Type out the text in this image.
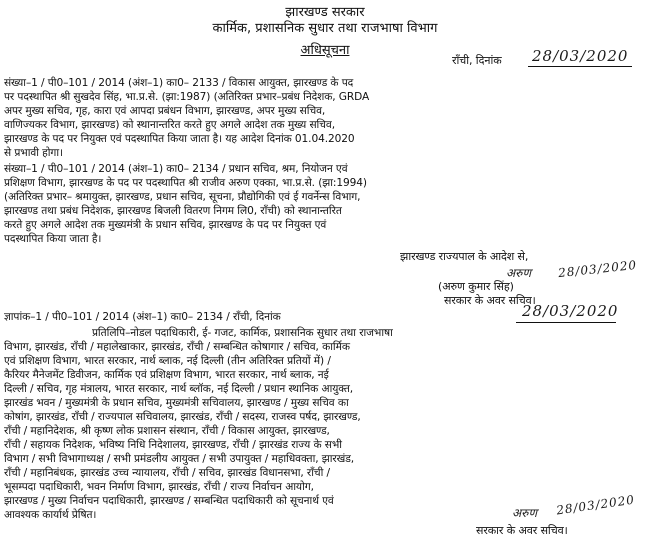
झारखण्ड सरकार
कार्मिक, प्रशासनिक सुधार तथा राजभाषा विभाग
अधिसूचना
राँची, दिनांक 28/03/2020
संख्या–1 / पी0–101 / 2014 (अंश–1) का0– 2133 / विकास आयुक्त, झारखण्ड के पद
पर पदस्थापित श्री सुखदेव सिंह, भा.प्र.से. (झा:1987) (अतिरिक्त प्रभार–प्रबंध निदेशक, GRDA
अपर मुख्य सचिव, गृह, कारा एवं आपदा प्रबंधन विभाग, झारखण्ड, अपर मुख्य सचिव,
वाणिज्यकर विभाग, झारखण्ड) को स्थानान्तरित करते हुए अगले आदेश तक मुख्य सचिव,
झारखण्ड के पद पर नियुक्त एवं पदस्थापित किया जाता है। यह आदेश दिनांक 01.04.2020
से प्रभावी होगा।
संख्या–1 / पी0–101 / 2014 (अंश–1) का0– 2134 / प्रधान सचिव, श्रम, नियोजन एवं
प्रशिक्षण विभाग, झारखण्ड के पद पर पदस्थापित श्री राजीव अरुण एक्का, भा.प्र.से. (झा:1994)
(अतिरिक्त प्रभार– श्रमायुक्त, झारखण्ड, प्रधान सचिव, सूचना, प्रौद्योगिकी एवं ई गवर्नेन्स विभाग,
झारखण्ड तथा प्रबंध निदेशक, झारखण्ड बिजली वितरण निगम लि0, राँची) को स्थानान्तरित
करते हुए अगले आदेश तक मुख्यमंत्री के प्रधान सचिव, झारखण्ड के पद पर नियुक्त एवं
पदस्थापित किया जाता है।
झारखण्ड राज्यपाल के आदेश से,
अरुण 28/03/2020
(अरुण कुमार सिंह)
सरकार के अवर सचिव।
ज्ञापांक–1 / पी0–101 / 2014 (अंश–1) का0– 2134 / राँची, दिनांक	28/03/2020
प्रतिलिपि–नोडल पदाधिकारी, ई- गजट, कार्मिक, प्रशासनिक सुधार तथा राजभाषा
विभाग, झारखंड, राँची / महालेखाकार, झारखंड, राँची / सम्बन्धित कोषागार / सचिव, कार्मिक
एवं प्रशिक्षण विभाग, भारत सरकार, नार्थ ब्लाक, नई दिल्ली (तीन अतिरिक्त प्रतियों में) /
कैरियर मैनेजमेंट डिवीजन, कार्मिक एवं प्रशिक्षण विभाग, भारत सरकार, नार्थ ब्लाक, नई
दिल्ली / सचिव, गृह मंत्रालय, भारत सरकार, नार्थ ब्लॉक, नई दिल्ली / प्रधान स्थानिक आयुक्त,
झारखंड भवन / मुख्यमंत्री के प्रधान सचिव, मुख्यमंत्री सचिवालय, झारखण्ड / मुख्य सचिव का
कोषांग, झारखंड, राँची / राज्यपाल सचिवालय, झारखंड, राँची / सदस्य, राजस्व पर्षद, झारखण्ड,
राँची / महानिदेशक, श्री कृष्ण लोक प्रशासन संस्थान, राँची / विकास आयुक्त, झारखण्ड,
राँची / सहायक निदेशक, भविष्य निधि निदेशालय, झारखण्ड, राँची / झारखंड राज्य के सभी
विभाग / सभी विभागाध्यक्ष / सभी प्रमंडलीय आयुक्त / सभी उपायुक्त / महाधिवक्ता, झारखंड,
राँची / महानिबंधक, झारखंड उच्च न्यायालय, राँची / सचिव, झारखंड विधानसभा, राँची /
भूसम्पदा पदाधिकारी, भवन निर्माण विभाग, झारखंड, राँची / राज्य निर्वाचन आयोग,
झारखण्ड / मुख्य निर्वाचन पदाधिकारी, झारखण्ड / सम्बन्धित पदाधिकारी को सूचनार्थ एवं
आवश्यक कार्यार्थ प्रेषित।	अरुण 28/03/2020
सरकार के अवर सचिव।
